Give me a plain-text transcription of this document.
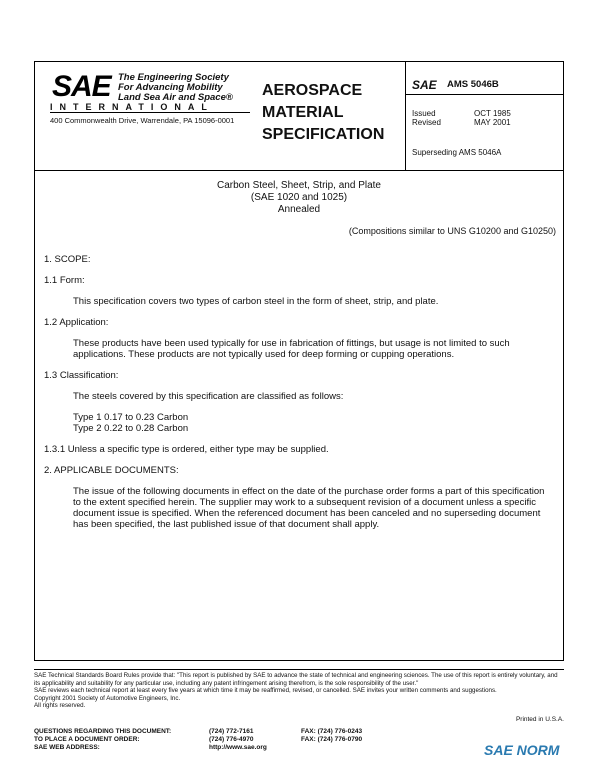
SAE The Engineering Society
For Advancing Mobility
Land Sea Air and Space®
INTERNATIONAL
400 Commonwealth Drive, Warrendale, PA 15096-0001
AEROSPACE
MATERIAL
SPECIFICATION
SAE AMS 5046B
Issued	OCT 1985
Revised	MAY 2001
Superseding AMS 5046A
Carbon Steel, Sheet, Strip, and Plate
(SAE 1020 and 1025)
Annealed
(Compositions similar to UNS G10200 and G10250)
1. SCOPE:
1.1 Form:
This specification covers two types of carbon steel in the form of sheet, strip, and plate.
1.2 Application:
These products have been used typically for use in fabrication of fittings, but usage is not limited to such applications. These products are not typically used for deep forming or cupping operations.
1.3 Classification:
The steels covered by this specification are classified as follows:
Type 1 0.17 to 0.23 Carbon
Type 2 0.22 to 0.28 Carbon
1.3.1 Unless a specific type is ordered, either type may be supplied.
2. APPLICABLE DOCUMENTS:
The issue of the following documents in effect on the date of the purchase order forms a part of this specification to the extent specified herein. The supplier may work to a subsequent revision of a document unless a specific document issue is specified. When the referenced document has been canceled and no superseding document has been specified, the last published issue of that document shall apply.
SAE Technical Standards Board Rules provide that: "This report is published by SAE to advance the state of technical and engineering sciences. The use of this report is entirely voluntary, and its applicability and suitability for any particular use, including any patent infringement arising therefrom, is the sole responsibility of the user."
SAE reviews each technical report at least every five years at which time it may be reaffirmed, revised, or cancelled. SAE invites your written comments and suggestions.
Copyright 2001 Society of Automotive Engineers, Inc.
All rights reserved.
Printed in U.S.A.
QUESTIONS REGARDING THIS DOCUMENT:	(724) 772-7161	FAX: (724) 776-0243
TO PLACE A DOCUMENT ORDER:	(724) 776-4970	FAX: (724) 776-0790
SAE WEB ADDRESS:	http://www.sae.org	SAE NORM
